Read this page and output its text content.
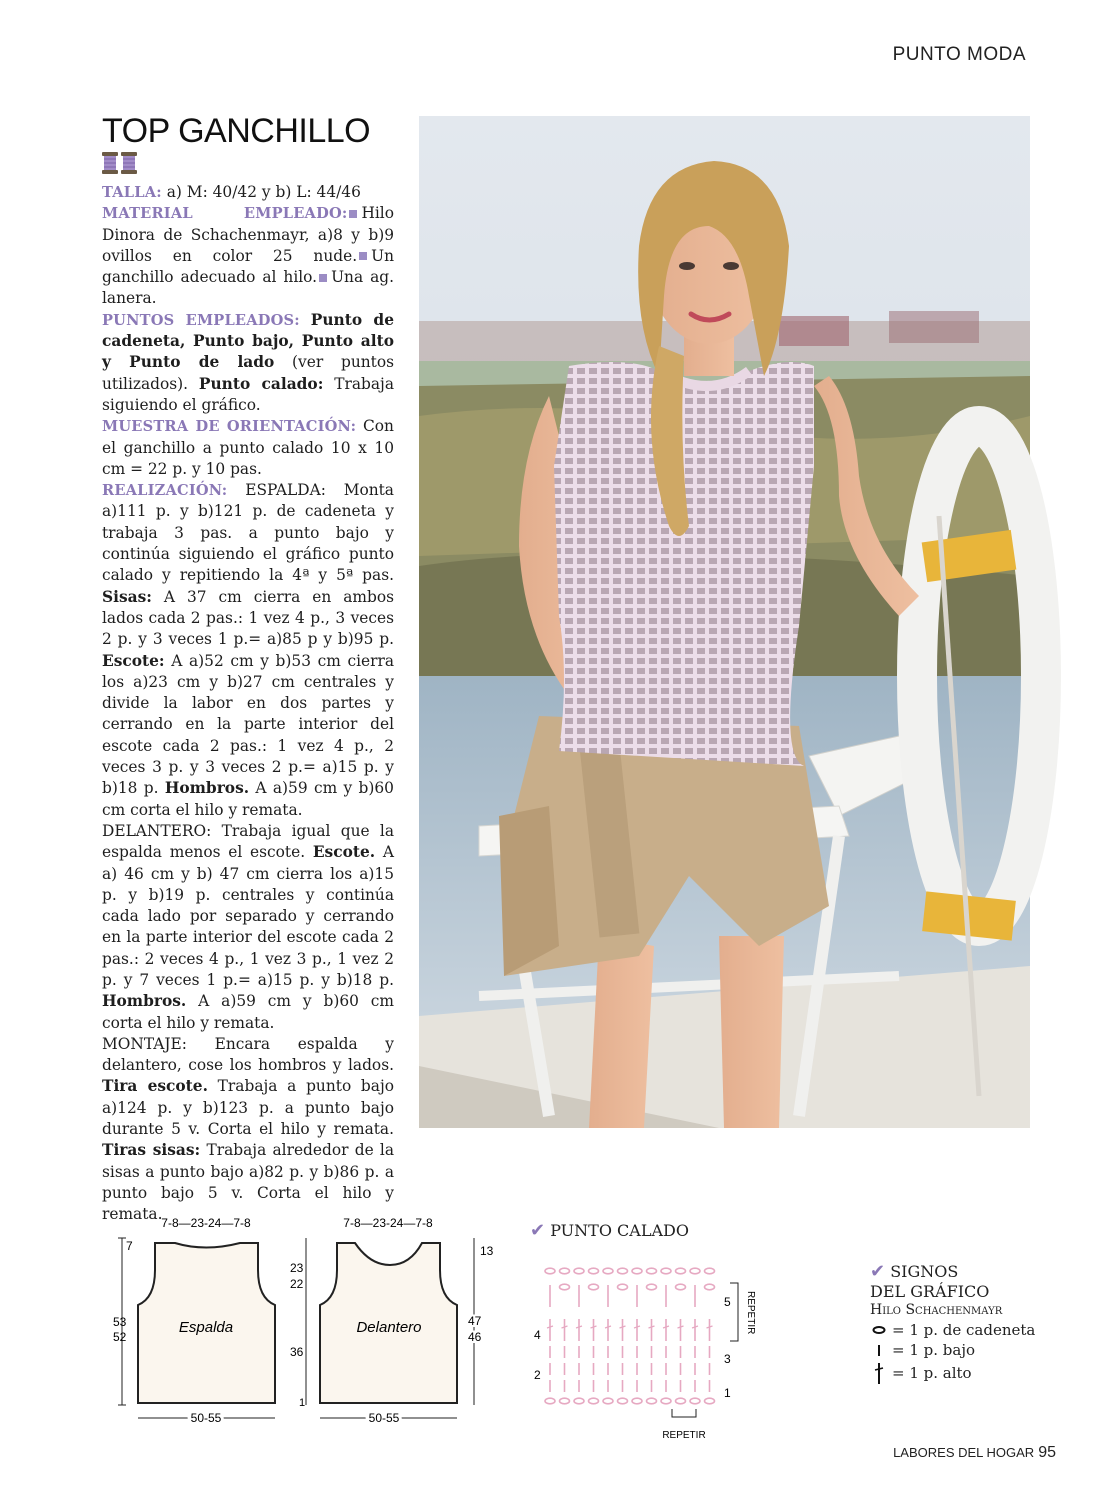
PUNTO MODA
TOP GANCHILLO

TALLA: a) M: 40/42 y b) L: 44/46

MATERIAL EMPLEADO: Hilo Dinora de Schachenmayr, a)8 y b)9 ovillos en color 25 nude. Un ganchillo adecuado al hilo. Una ag. lanera.

PUNTOS EMPLEADOS: Punto de cadeneta, Punto bajo, Punto alto y Punto de lado (ver puntos utilizados). Punto calado: Trabaja siguiendo el gráfico.

MUESTRA DE ORIENTACIÓN: Con el ganchillo a punto calado 10 x 10 cm = 22 p. y 10 pas.

REALIZACIÓN: ESPALDA: Monta a)111 p. y b)121 p. de cadeneta y trabaja 3 pas. a punto bajo y continúa siguiendo el gráfico punto calado y repitiendo la 4ª y 5ª pas. Sisas: A 37 cm cierra en ambos lados cada 2 pas.: 1 vez 4 p., 3 veces 2 p. y 3 veces 1 p.= a)85 p y b)95 p. Escote: A a)52 cm y b)53 cm cierra los a)23 cm y b)27 cm centrales y divide la labor en dos partes y cerrando en la parte interior del escote cada 2 pas.: 1 vez 4 p., 2 veces 3 p. y 3 veces 2 p.= a)15 p. y b)18 p. Hombros. A a)59 cm y b)60 cm corta el hilo y remata.

DELANTERO: Trabaja igual que la espalda menos el escote. Escote. A a) 46 cm y b) 47 cm cierra los a)15 p. y b)19 p. centrales y continúa cada lado por separado y cerrando en la parte interior del escote cada 2 pas.: 2 veces 4 p., 1 vez 3 p., 1 vez 2 p. y 7 veces 1 p.= a)15 p. y b)18 p. Hombros. A a)59 cm y b)60 cm corta el hilo y remata.

MONTAJE: Encara espalda y delantero, cose los hombros y lados. Tira escote. Trabaja a punto bajo a)124 p. y b)123 p. a punto bajo durante 5 v. Corta el hilo y remata. Tiras sisas: Trabaja alrededor de la sisas a punto bajo a)82 p. y b)86 p. a punto bajo 5 v. Corta el hilo y remata.

Espalda
7-8—23-24—7-8
7
53
52
50-55
Delantero
7-8—23-24—7-8
23
22
36
1
13
47
46
50-55
✔ PUNTO CALADO
4
2
5
3
1
REPETIR
REPETIR
✔ SIGNOS
DEL GRÁFICO
Hilo Schachenmayr
= 1 p. de cadeneta
= 1 p. bajo
= 1 p. alto
LABORES DEL HOGAR 95
